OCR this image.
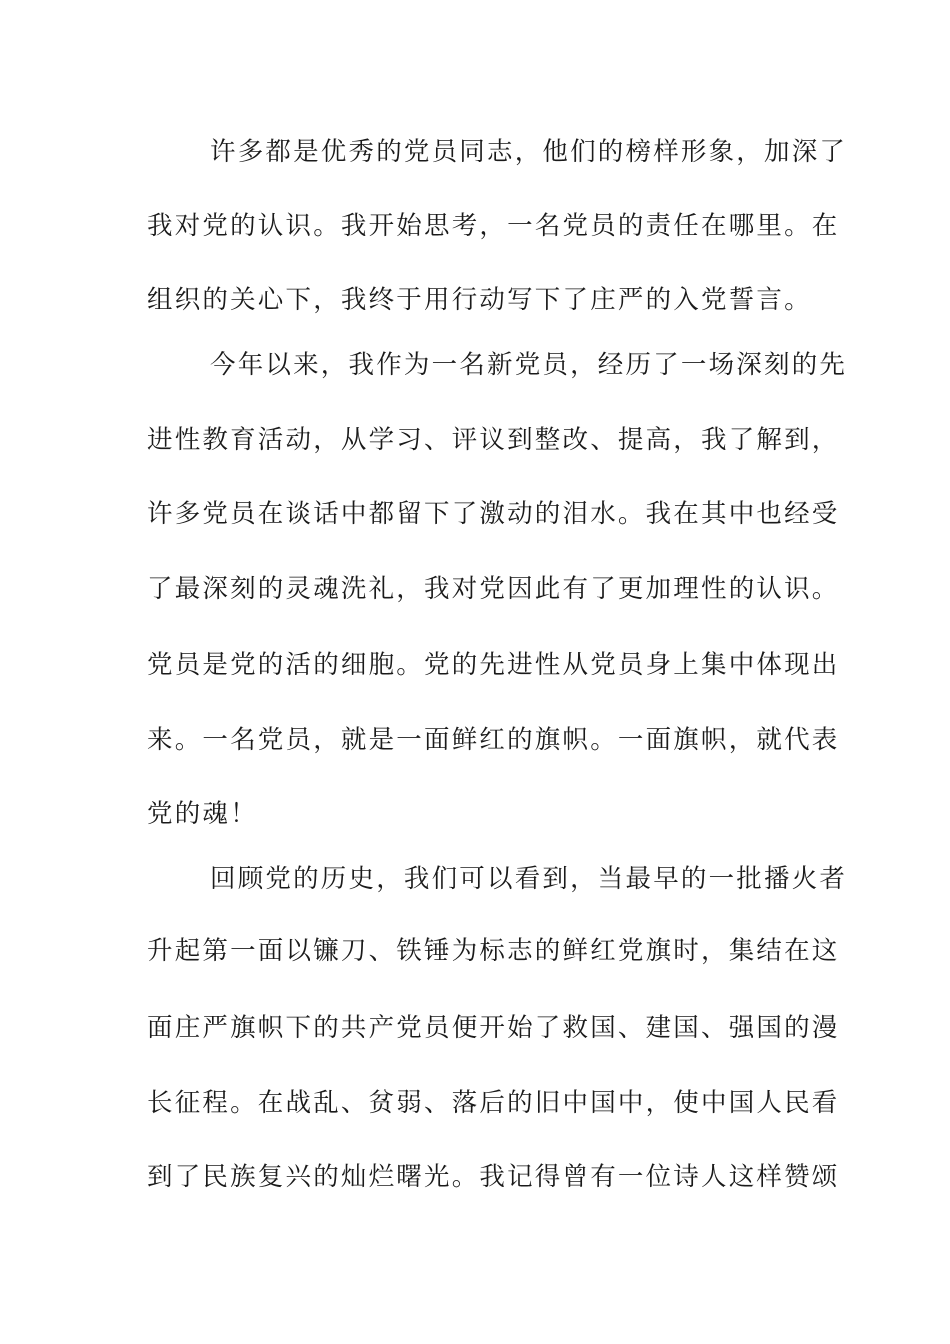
许多都是优秀的党员同志，他们的榜样形象，加深了
我对党的认识。我开始思考，一名党员的责任在哪里。在
组织的关心下，我终于用行动写下了庄严的入党誓言。
今年以来，我作为一名新党员，经历了一场深刻的先
进性教育活动，从学习、评议到整改、提高，我了解到，
许多党员在谈话中都留下了激动的泪水。我在其中也经受
了最深刻的灵魂洗礼，我对党因此有了更加理性的认识。
党员是党的活的细胞。党的先进性从党员身上集中体现出
来。一名党员，就是一面鲜红的旗帜。一面旗帜，就代表
党的魂！
回顾党的历史，我们可以看到，当最早的一批播火者
升起第一面以镰刀、铁锤为标志的鲜红党旗时，集结在这
面庄严旗帜下的共产党员便开始了救国、建国、强国的漫
长征程。在战乱、贫弱、落后的旧中国中，使中国人民看
到了民族复兴的灿烂曙光。我记得曾有一位诗人这样赞颂
